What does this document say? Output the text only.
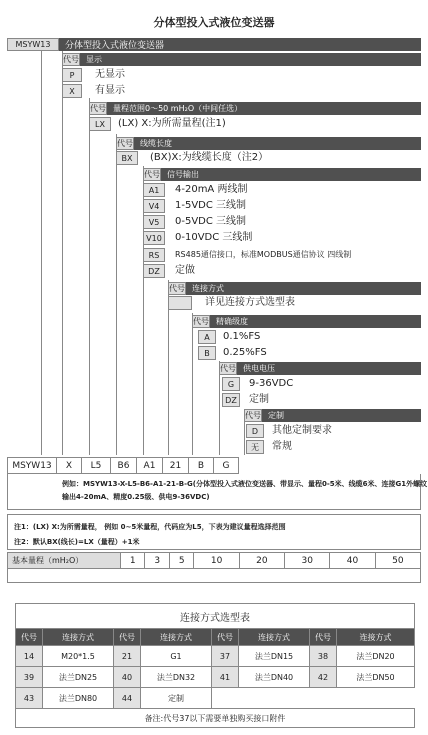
分体型投入式液位变送器
MSYW13	分体型投入式液位变送器
代号 显示
P	无显示
X	有显示
代号 量程范围0～50 mH₂O（中间任选）
LX	(LX) X:为所需量程(注1)
代号 线缆长度
BX	(BX)X:为线缆长度（注2）
代号 信号输出
A1	4-20mA 两线制
V4	1-5VDC 三线制
V5	0-5VDC 三线制
V10	0-10VDC 三线制
RS	RS485通信接口，标准MODBUS通信协议 四线制
DZ	定做
代号 连接方式
详见连接方式选型表
代号 精确级度
A	0.1%FS
B	0.25%FS
代号 供电电压
G	9-36VDC
DZ	定制
代号 定制
D	其他定制要求
无	常规
MSYW13	X	L5	B6	A1	21	B	G	
例如：MSYW13-X-L5-B6-A1-21-B-G(分体型投入式液位变送器、带显示、量程0-5米、线缆6米、连接G1外螺纹
输出4-20mA、精度0.25级、供电9-36VDC)
注1：(LX) X:为所需量程， 例如 0~5米量程，代码应为L5，下表为建议量程选择范围
注2：默认BX(线长)=LX（量程）+1米
基本量程（mH₂O）	1	3	5	10	20	30	40	50

连接方式选型表							
代号	连接方式	代号	连接方式	代号	连接方式	代号	连接方式
14	M20*1.5	21	G1	37	法兰DN15	38	法兰DN20
39	法兰DN25	40	法兰DN32	41	法兰DN40	42	法兰DN50
43	法兰DN80	44	定制				
备注:代号37以下需要单独购买接口附件							
